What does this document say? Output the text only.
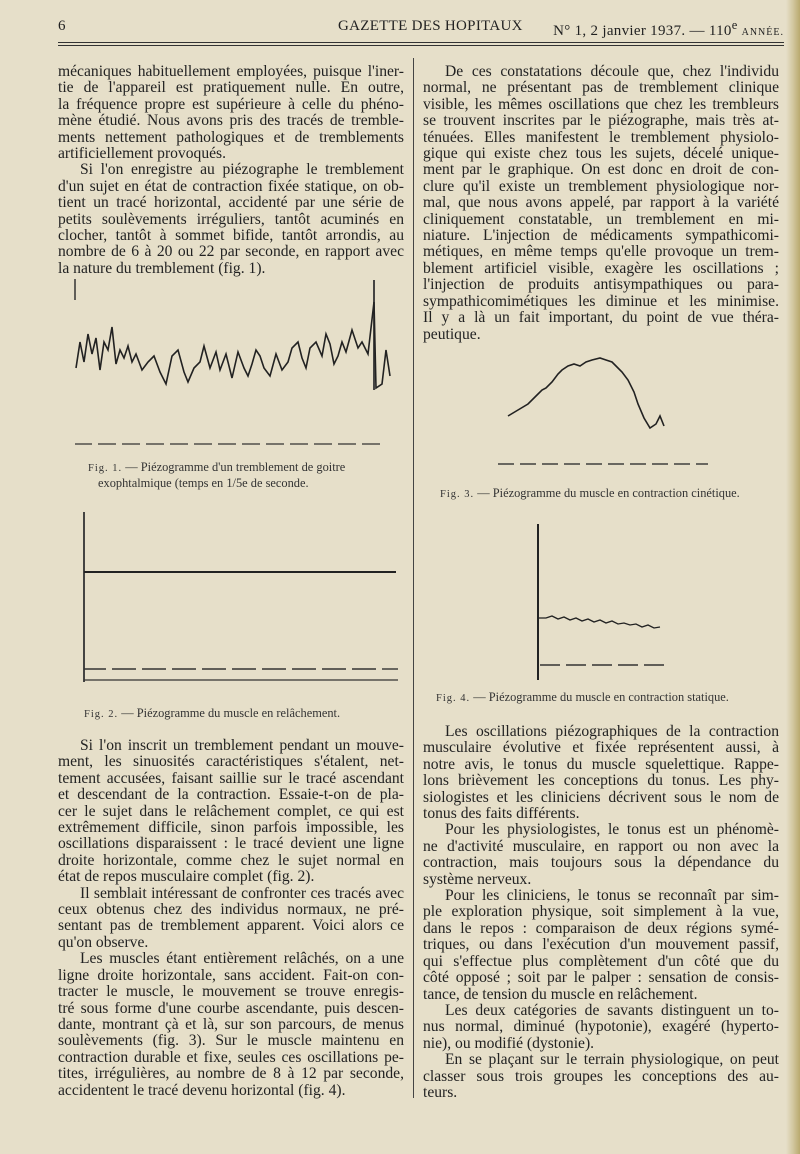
6	GAZETTE DES HOPITAUX N° 1, 2 janvier 1937. — 110e ANNÉE.
mécaniques habituellement employées, puisque l'iner-
tie de l'appareil est pratiquement nulle. En outre,
la fréquence propre est supérieure à celle du phéno-
mène étudié. Nous avons pris des tracés de tremble-
ments nettement pathologiques et de tremblements
artificiellement provoqués.
Si l'on enregistre au piézographe le tremblement
d'un sujet en état de contraction fixée statique, on ob-
tient un tracé horizontal, accidenté par une série de
petits soulèvements irréguliers, tantôt acuminés en
clocher, tantôt à sommet bifide, tantôt arrondis, au
nombre de 6 à 20 ou 22 par seconde, en rapport avec
la nature du tremblement (fig. 1).
Fig. 1. — Piézogramme d'un tremblement de goitre
exophtalmique (temps en 1/5e de seconde.
Fig. 2. — Piézogramme du muscle en relâchement.
Si l'on inscrit un tremblement pendant un mouve-
ment, les sinuosités caractéristiques s'étalent, net-
tement accusées, faisant saillie sur le tracé ascendant
et descendant de la contraction. Essaie-t-on de pla-
cer le sujet dans le relâchement complet, ce qui est
extrêmement difficile, sinon parfois impossible, les
oscillations disparaissent : le tracé devient une ligne
droite horizontale, comme chez le sujet normal en
état de repos musculaire complet (fig. 2).
Il semblait intéressant de confronter ces tracés avec
ceux obtenus chez des individus normaux, ne pré-
sentant pas de tremblement apparent. Voici alors ce
qu'on observe.
Les muscles étant entièrement relâchés, on a une
ligne droite horizontale, sans accident. Fait-on con-
tracter le muscle, le mouvement se trouve enregis-
tré sous forme d'une courbe ascendante, puis descen-
dante, montrant çà et là, sur son parcours, de menus
soulèvements (fig. 3). Sur le muscle maintenu en
contraction durable et fixe, seules ces oscillations pe-
tites, irrégulières, au nombre de 8 à 12 par seconde,
accidentent le tracé devenu horizontal (fig. 4).
De ces constatations découle que, chez l'individu
normal, ne présentant pas de tremblement clinique
visible, les mêmes oscillations que chez les trembleurs
se trouvent inscrites par le piézographe, mais très at-
ténuées. Elles manifestent le tremblement physiolo-
gique qui existe chez tous les sujets, décelé unique-
ment par le graphique. On est donc en droit de con-
clure qu'il existe un tremblement physiologique nor-
mal, que nous avons appelé, par rapport à la variété
cliniquement constatable, un tremblement en mi-
niature. L'injection de médicaments sympathicomi-
métiques, en même temps qu'elle provoque un trem-
blement artificiel visible, exagère les oscillations ;
l'injection de produits antisympathiques ou para-
sympathicomimétiques les diminue et les minimise.
Il y a là un fait important, du point de vue théra-
peutique.
Fig. 3. — Piézogramme du muscle en contraction cinétique.
Fig. 4. — Piézogramme du muscle en contraction statique.
Les oscillations piézographiques de la contraction
musculaire évolutive et fixée représentent aussi, à
notre avis, le tonus du muscle squelettique. Rappe-
lons brièvement les conceptions du tonus. Les phy-
siologistes et les cliniciens décrivent sous le nom de
tonus des faits différents.
Pour les physiologistes, le tonus est un phénomè-
ne d'activité musculaire, en rapport ou non avec la
contraction, mais toujours sous la dépendance du
système nerveux.
Pour les cliniciens, le tonus se reconnaît par sim-
ple exploration physique, soit simplement à la vue,
dans le repos : comparaison de deux régions symé-
triques, ou dans l'exécution d'un mouvement passif,
qui s'effectue plus complètement d'un côté que du
côté opposé ; soit par le palper : sensation de consis-
tance, de tension du muscle en relâchement.
Les deux catégories de savants distinguent un to-
nus normal, diminué (hypotonie), exagéré (hyperto-
nie), ou modifié (dystonie).
En se plaçant sur le terrain physiologique, on peut
classer sous trois groupes les conceptions des au-
teurs.
